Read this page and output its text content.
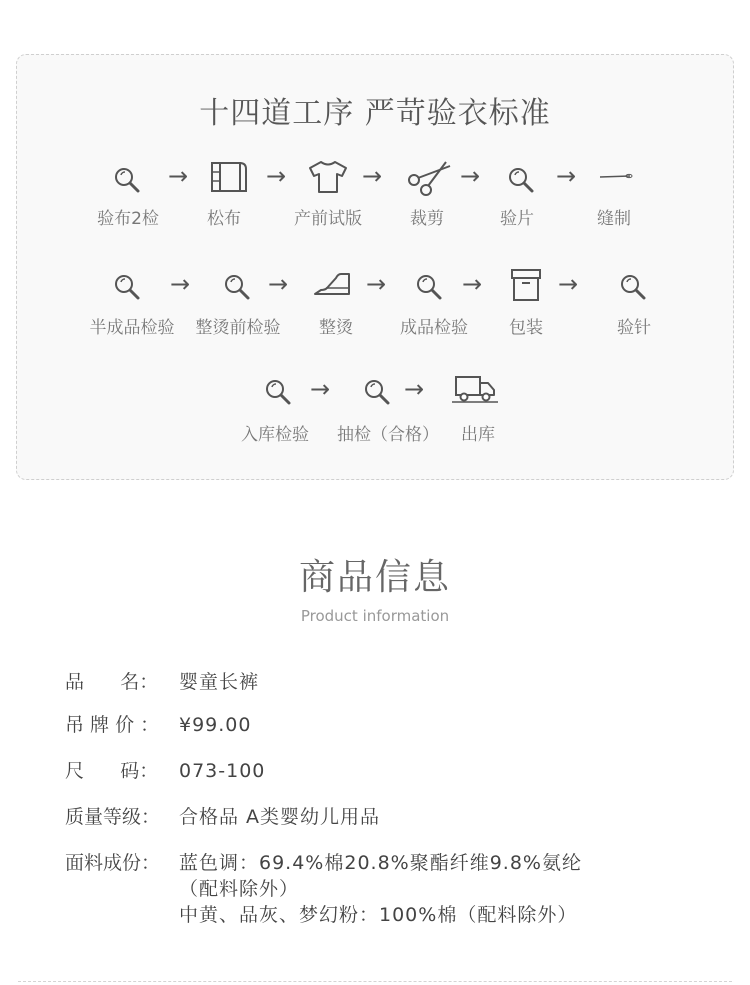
十四道工序 严苛验衣标准
→	→	→	→	→
验布2检	松布	产前试版	裁剪	验片	缝制
→	→	→	→	→
半成品检验 整烫前检验 整烫	成品检验 包装	验针
→	→
入库检验 抽检（合格） 出库
商品信息
Product information
品      名： 婴童长裤
吊 牌 价 ： ¥99.00
尺      码： 073-100
质量等级： 合格品 A类婴幼儿用品
面料成份： 蓝色调：69.4%棉20.8%聚酯纤维9.8%氨纶
（配料除外）
中黄、品灰、梦幻粉：100%棉（配料除外）
